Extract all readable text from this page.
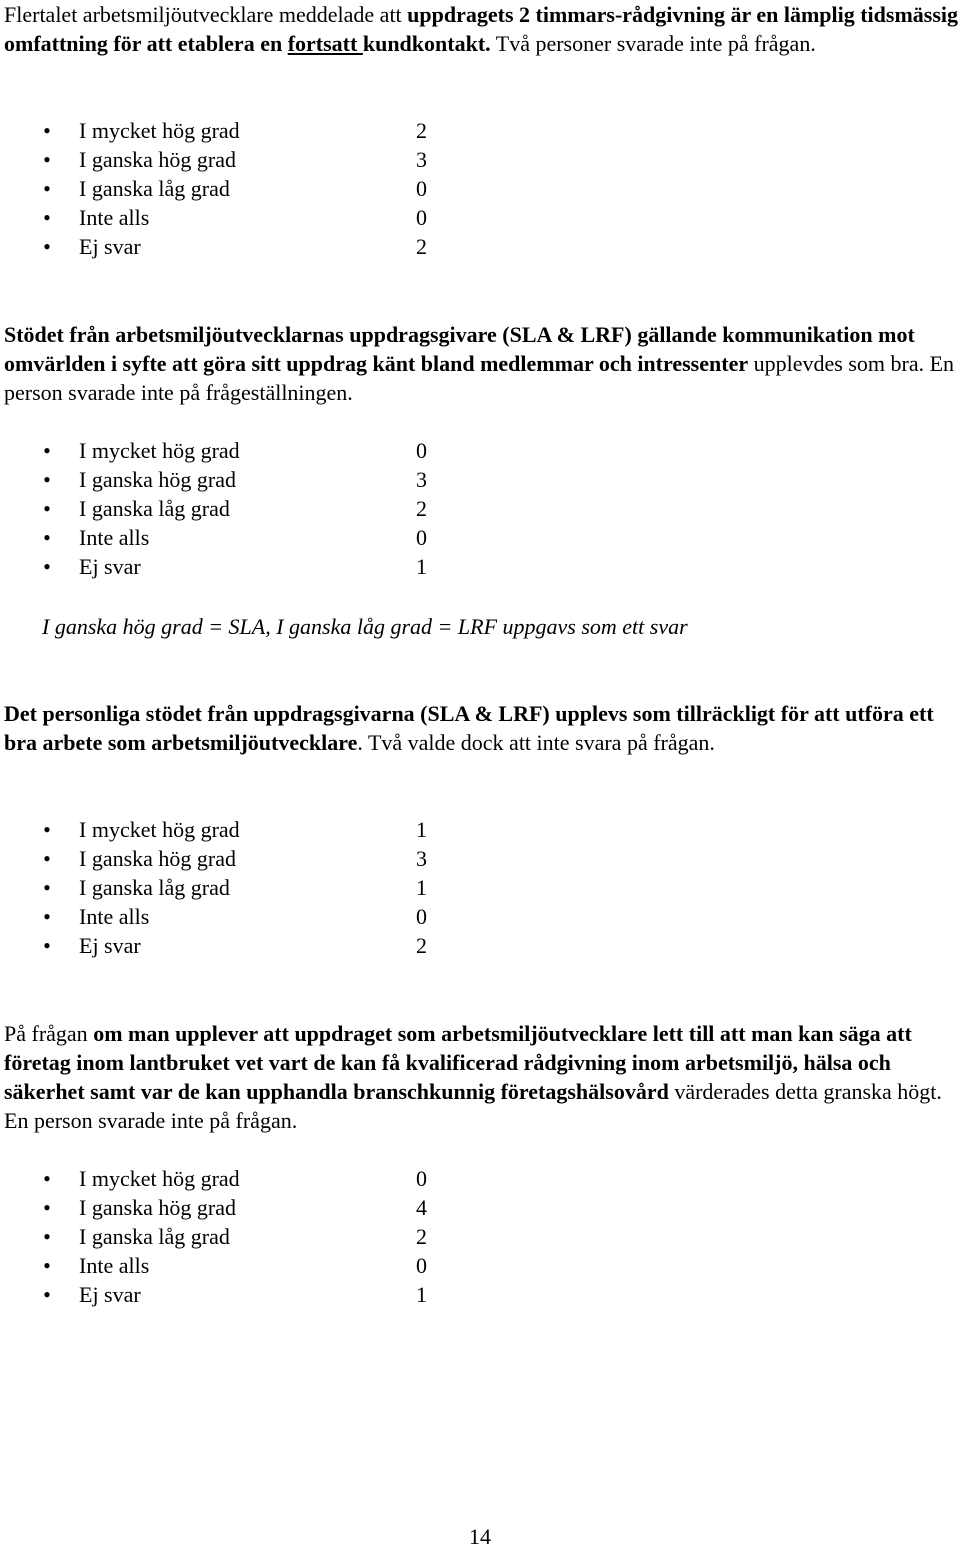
Flertalet arbetsmiljöutvecklare meddelade att uppdragets 2 timmars-rådgivning är en lämplig tidsmässig omfattning för att etablera en fortsatt kundkontakt. Två personer svarade inte på frågan.

• I mycket hög grad	2
• I ganska hög grad	3
• I ganska låg grad	0
• Inte alls	0
• Ej svar	2

Stödet från arbetsmiljöutvecklarnas uppdragsgivare (SLA & LRF) gällande kommunikation mot omvärlden i syfte att göra sitt uppdrag känt bland medlemmar och intressenter upplevdes som bra. En person svarade inte på frågeställningen.

• I mycket hög grad	0
• I ganska hög grad	3
• I ganska låg grad	2
• Inte alls	0
• Ej svar	1

I ganska hög grad = SLA, I ganska låg grad = LRF uppgavs som ett svar

Det personliga stödet från uppdragsgivarna (SLA & LRF) upplevs som tillräckligt för att utföra ett bra arbete som arbetsmiljöutvecklare. Två valde dock att inte svara på frågan.

• I mycket hög grad	1
• I ganska hög grad	3
• I ganska låg grad	1
• Inte alls	0
• Ej svar	2

På frågan om man upplever att uppdraget som arbetsmiljöutvecklare lett till att man kan säga att företag inom lantbruket vet vart de kan få kvalificerad rådgivning inom arbetsmiljö, hälsa och säkerhet samt var de kan upphandla branschkunnig företagshälsovård värderades detta granska högt. En person svarade inte på frågan.

• I mycket hög grad	0
• I ganska hög grad	4
• I ganska låg grad	2
• Inte alls	0
• Ej svar	1
14
